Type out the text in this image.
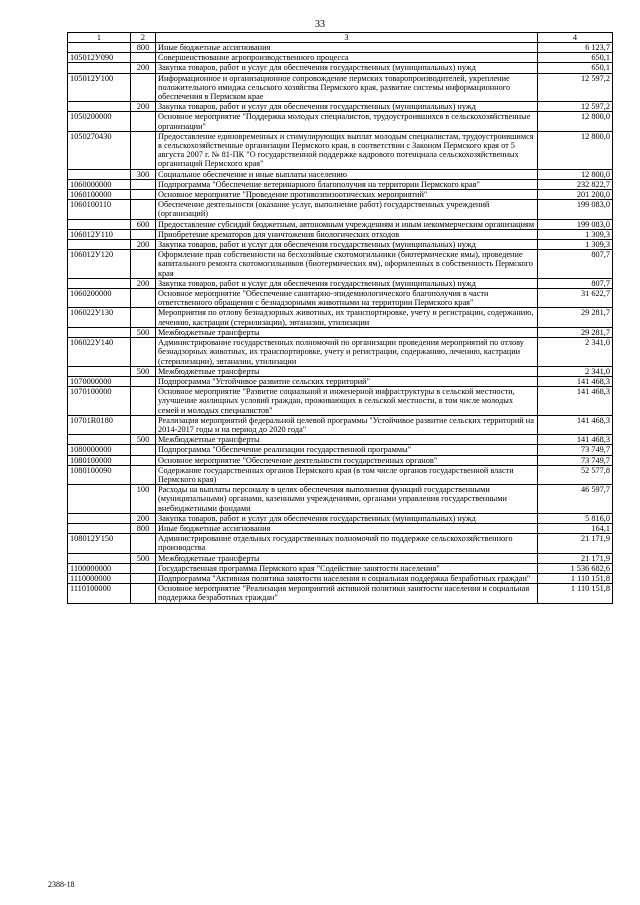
33
1	2	3	4
	800	Иные бюджетные ассигнования	6 123,7
105012У090		Совершенствование агропроизводственного процесса	650,1
	200	Закупка товаров, работ и услуг для обеспечения государственных (муниципальных) нужд	650,1
105012У100		Информационное и организационное сопровождение пермских товаропроизводителей, укрепление положительного имиджа сельского хозяйства Пермского края, развитие системы информационного обеспечения в Пермском крае	12 597,2
	200	Закупка товаров, работ и услуг для обеспечения государственных (муниципальных) нужд	12 597,2
1050200000		Основное мероприятие "Поддержка молодых специалистов, трудоустроившихся в сельскохозяйственные организации"	12 800,0
1050270430		Предоставление единовременных и стимулирующих выплат молодым специалистам, трудоустроившимся в сельскохозяйственные организации Пермского края, в соответствии с Законом Пермского края от 5 августа 2007 г. № 81-ПК "О государственной поддержке кадрового потенциала сельскохозяйственных организаций Пермского края"	12 800,0
	300	Социальное обеспечение и иные выплаты населению	12 800,0
1060000000		Подпрограмма "Обеспечение ветеринарного благополучия на территории Пермского края"	232 822,7
1060100000		Основное мероприятие "Проведение противоэпизоотических мероприятий"	201 200,0
1060100110		Обеспечение деятельности (оказание услуг, выполнение работ) государственных учреждений (организаций)	199 083,0
	600	Предоставление субсидий бюджетным, автономным учреждениям и иным некоммерческим организациям	199 083,0
106012У110		Приобретение крематоров для уничтожения биологических отходов	1 309,3
	200	Закупка товаров, работ и услуг для обеспечения государственных (муниципальных) нужд	1 309,3
106012У120		Оформление прав собственности на бесхозяйные скотомогильники (биотермические ямы), проведение капитального ремонта скотомогильников (биотермических ям), оформленных в собственность Пермского края	807,7
	200	Закупка товаров, работ и услуг для обеспечения государственных (муниципальных) нужд	807,7
1060200000		Основное мероприятие "Обеспечение санитарно-эпидемиологического благополучия в части ответственного обращения с безнадзорными животными на территории Пермского края"	31 622,7
106022У130		Мероприятия по отлову безнадзорных животных, их транспортировке, учету и регистрации, содержанию, лечению, кастрации (стерилизации), эвтаназии, утилизации	29 281,7
	500	Межбюджетные трансферты	29 281,7
106022У140		Администрирование государственных полномочий по организации проведения мероприятий по отлову безнадзорных животных, их транспортировке, учету и регистрации, содержанию, лечению, кастрации (стерилизации), эвтаназии, утилизации	2 341,0
	500	Межбюджетные трансферты	2 341,0
1070000000		Подпрограмма "Устойчивое развитие сельских территорий"	141 468,3
1070100000		Основное мероприятие "Развитие социальной и инженерной инфраструктуры в сельской местности, улучшение жилищных условий граждан, проживающих в сельской местности, в том числе молодых семей и молодых специалистов"	141 468,3
10701R0180		Реализация мероприятий федеральной целевой программы "Устойчивое развитие сельских территорий на 2014-2017 годы и на период до 2020 года"	141 468,3
	500	Межбюджетные трансферты	141 468,3
1080000000		Подпрограмма "Обеспечение реализации государственной программы"	73 749,7
1080100000		Основное мероприятие "Обеспечение деятельности государственных органов"	73 749,7
1080100090		Содержание государственных органов Пермского края (в том числе органов государственной власти Пермского края)	52 577,8
	100	Расходы на выплаты персоналу в целях обеспечения выполнения функций государственными (муниципальными) органами, казенными учреждениями, органами управления государственными внебюджетными фондами	46 597,7
	200	Закупка товаров, работ и услуг для обеспечения государственных (муниципальных) нужд	5 816,0
	800	Иные бюджетные ассигнования	164,1
108012У150		Администрирование отдельных государственных полномочий по поддержке сельскохозяйственного производства	21 171,9
	500	Межбюджетные трансферты	21 171,9
1100000000		Государственная программа Пермского края "Содействие занятости населения"	1 536 682,6
1110000000		Подпрограмма "Активная политика занятости населения и социальная поддержка безработных граждан"	1 110 151,8
1110100000		Основное мероприятие "Реализация мероприятий активной политики занятости населения и социальная поддержка безработных граждан"	1 110 151,8
2388-18
